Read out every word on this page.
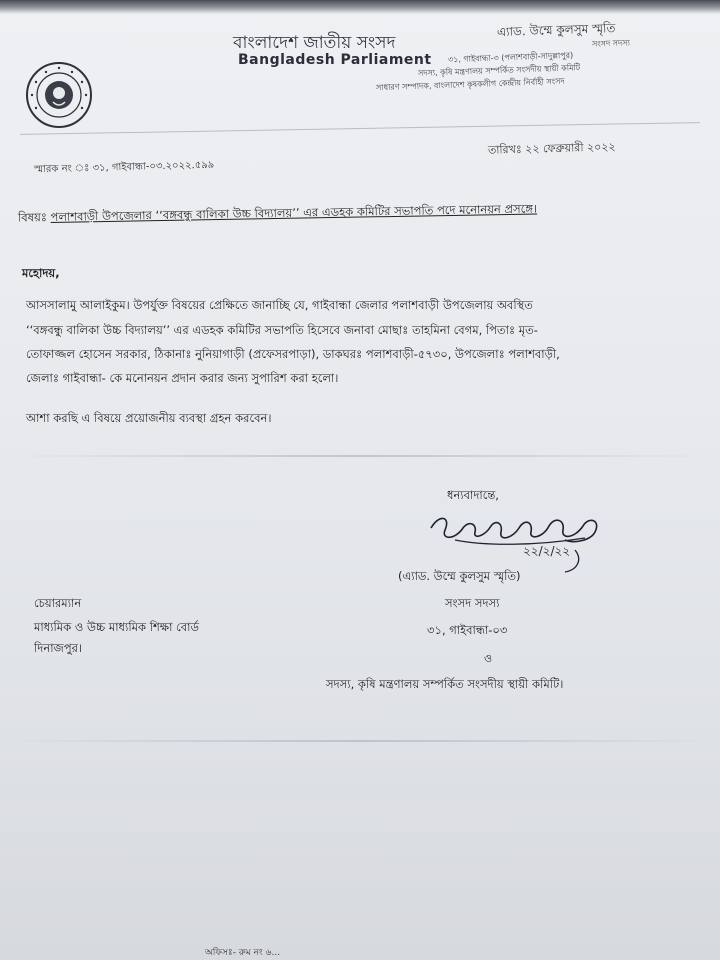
বাংলাদেশ জাতীয় সংসদ
Bangladesh Parliament
এ্যাড. উম্মে কুলসুম স্মৃতি
সংসদ সদস্য
৩১, গাইবান্ধা-৩ (পলাশবাড়ী-সাদুল্লাপুর)
সদস্য, কৃষি মন্ত্রণালয় সম্পর্কিত সংসদীয় স্থায়ী কমিটি
সাধারণ সম্পাদক, বাংলাদেশ কৃষকলীগ কেন্দ্রীয় নির্বাহী সংসদ
স্মারক নং ঃ ৩১, গাইবান্ধা-০৩.২০২২.৫৯৯
তারিখঃ ২২ ফেব্রুয়ারী ২০২২
বিষয়ঃ পলাশবাড়ী উপজেলার ‘‘বঙ্গবন্ধু বালিকা উচ্চ বিদ্যালয়’’ এর এডহক কমিটির সভাপতি পদে মনোনয়ন প্রসঙ্গে।
মহোদয়,
আসসালামু আলাইকুম। উপর্যুক্ত বিষয়ের প্রেক্ষিতে জানাচ্ছি যে, গাইবান্ধা জেলার পলাশবাড়ী উপজেলায় অবস্থিত
‘‘বঙ্গবন্ধু বালিকা উচ্চ বিদ্যালয়’’ এর এডহক কমিটির সভাপতি হিসেবে জনাবা মোছাঃ তাহমিনা বেগম, পিতাঃ মৃত-
তোফাজ্জল হোসেন সরকার, ঠিকানাঃ নুনিয়াগাড়ী (প্রফেসরপাড়া), ডাকঘরঃ পলাশবাড়ী-৫৭৩০, উপজেলাঃ পলাশবাড়ী,
জেলাঃ গাইবান্ধা- কে মনোনয়ন প্রদান করার জন্য সুপারিশ করা হলো।
আশা করছি এ বিষয়ে প্রয়োজনীয় ব্যবস্থা গ্রহন করবেন।
ধন্যবাদান্তে,
২২/২/২২
(এ্যাড. উম্মে কুলসুম স্মৃতি)
সংসদ সদস্য
৩১, গাইবান্ধা-০৩
ও
সদস্য, কৃষি মন্ত্রণালয় সম্পর্কিত সংসদীয় স্থায়ী কমিটি।
চেয়ারম্যান
মাধ্যমিক ও উচ্চ মাধ্যমিক শিক্ষা বোর্ড
দিনাজপুর।
অফিসঃ- রুম নং ৬...
